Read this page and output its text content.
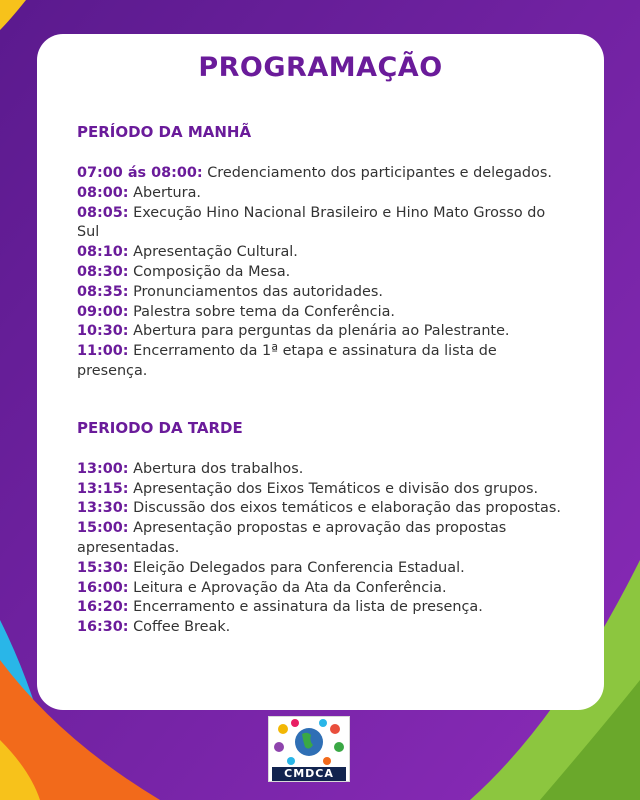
PROGRAMAÇÃO
PERÍODO DA MANHÃ

07:00 ás 08:00: Credenciamento dos participantes e delegados.

08:00: Abertura.

08:05: Execução Hino Nacional Brasileiro e Hino Mato Grosso do Sul

08:10: Apresentação Cultural.

08:30: Composição da Mesa.

08:35: Pronunciamentos das autoridades.

09:00: Palestra sobre tema da Conferência.

10:30: Abertura para perguntas da plenária ao Palestrante.

11:00: Encerramento da 1ª etapa e assinatura da lista de presença.

PERIODO DA TARDE

13:00: Abertura dos trabalhos.

13:15: Apresentação dos Eixos Temáticos e divisão dos grupos.

13:30: Discussão dos eixos temáticos e elaboração das propostas.

15:00: Apresentação propostas e aprovação das propostas apresentadas.

15:30: Eleição Delegados para Conferencia Estadual.

16:00: Leitura e Aprovação da Ata da Conferência.

16:20: Encerramento e assinatura da lista de presença.

16:30: Coffee Break.

CMDCA
